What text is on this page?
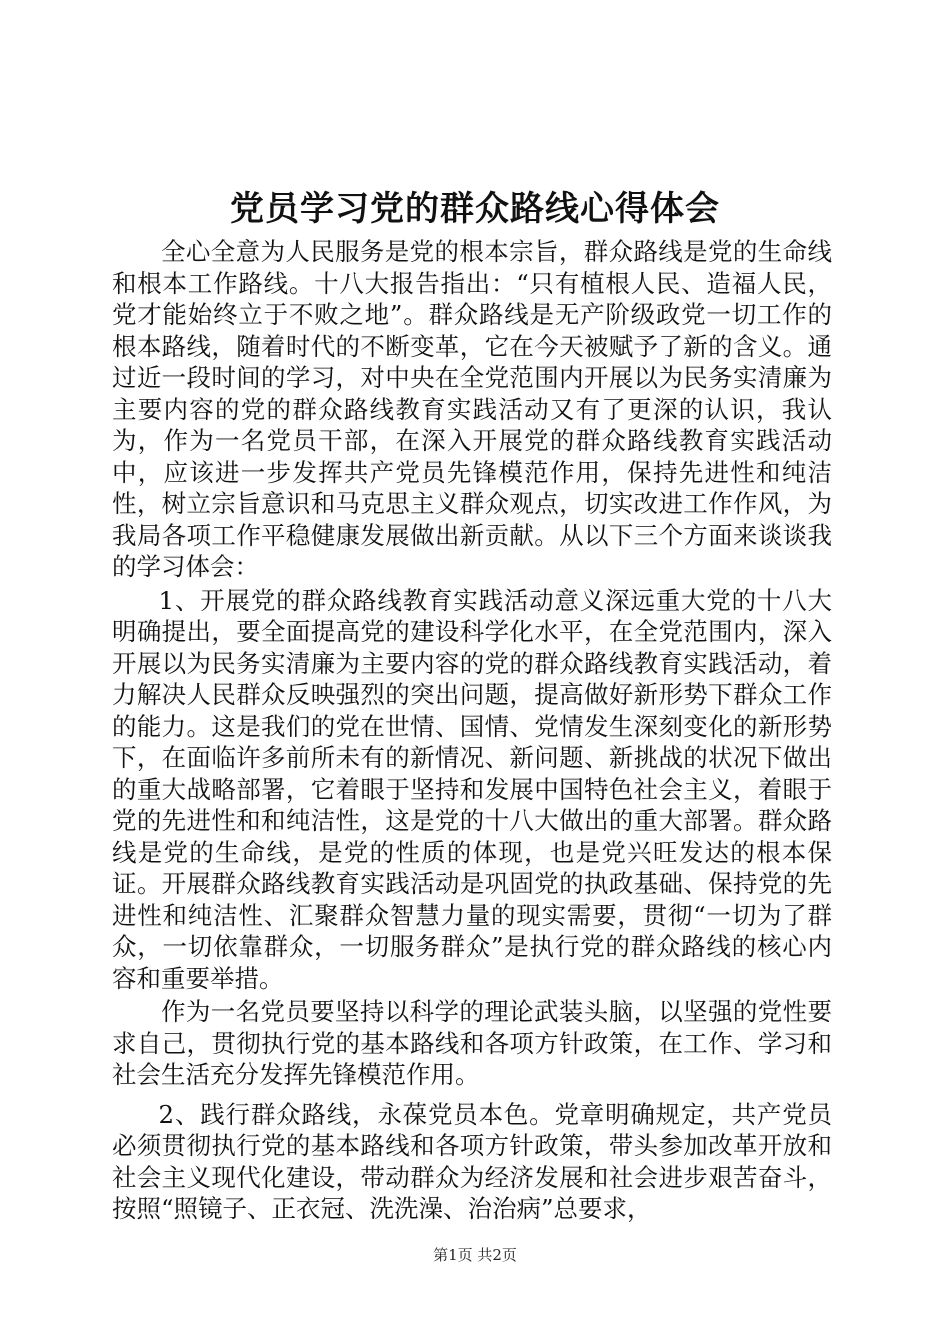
党员学习党的群众路线心得体会

全心全意为人民服务是党的根本宗旨，群众路线是党的生命线和根本工作路线。十八大报告指出：“只有植根人民、造福人民，党才能始终立于不败之地”。群众路线是无产阶级政党一切工作的根本路线，随着时代的不断变革，它在今天被赋予了新的含义。通过近一段时间的学习，对中央在全党范围内开展以为民务实清廉为主要内容的党的群众路线教育实践活动又有了更深的认识，我认为，作为一名党员干部，在深入开展党的群众路线教育实践活动中，应该进一步发挥共产党员先锋模范作用，保持先进性和纯洁性，树立宗旨意识和马克思主义群众观点，切实改进工作作风，为我局各项工作平稳健康发展做出新贡献。从以下三个方面来谈谈我的学习体会：

1、开展党的群众路线教育实践活动意义深远重大党的十八大明确提出，要全面提高党的建设科学化水平，在全党范围内，深入开展以为民务实清廉为主要内容的党的群众路线教育实践活动，着力解决人民群众反映强烈的突出问题，提高做好新形势下群众工作的能力。这是我们的党在世情、国情、党情发生深刻变化的新形势下，在面临许多前所未有的新情况、新问题、新挑战的状况下做出的重大战略部署，它着眼于坚持和发展中国特色社会主义，着眼于党的先进性和和纯洁性，这是党的十八大做出的重大部署。群众路线是党的生命线，是党的性质的体现，也是党兴旺发达的根本保证。开展群众路线教育实践活动是巩固党的执政基础、保持党的先进性和纯洁性、汇聚群众智慧力量的现实需要，贯彻“一切为了群众，一切依靠群众，一切服务群众”是执行党的群众路线的核心内容和重要举措。

作为一名党员要坚持以科学的理论武装头脑，以坚强的党性要求自己，贯彻执行党的基本路线和各项方针政策，在工作、学习和社会生活充分发挥先锋模范作用。

2、践行群众路线，永葆党员本色。党章明确规定，共产党员必须贯彻执行党的基本路线和各项方针政策，带头参加改革开放和社会主义现代化建设，带动群众为经济发展和社会进步艰苦奋斗，按照“照镜子、正衣冠、洗洗澡、治治病”总要求，

第1页 共2页
